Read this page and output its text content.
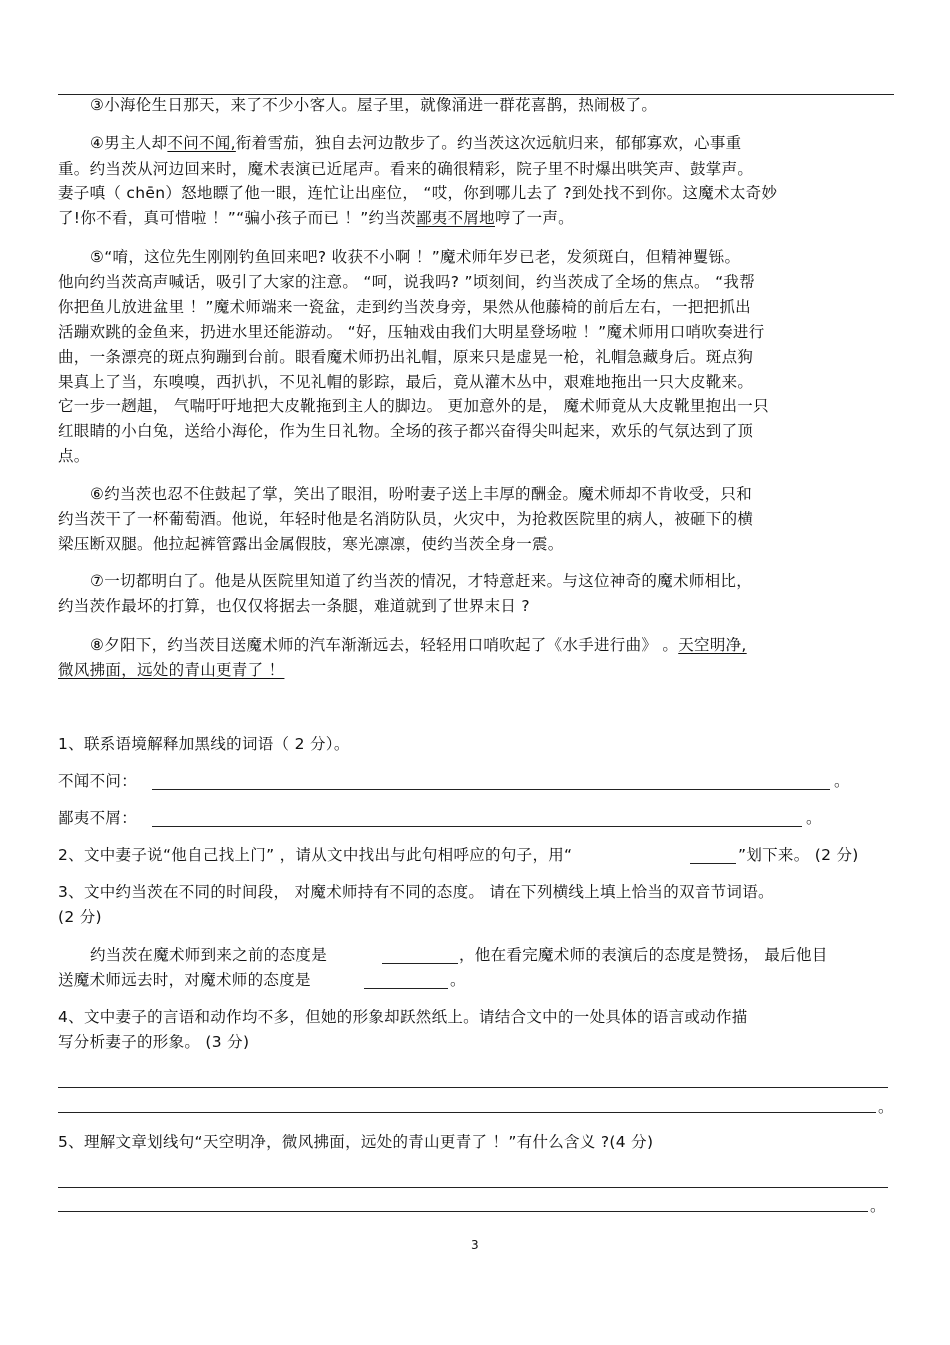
③小海伦生日那天，来了不少小客人。屋子里，就像涌进一群花喜鹊，热闹极了。
④男主人却不问不闻,衔着雪茄，独自去河边散步了。约当茨这次远航归来，郁郁寡欢，心事重
重。约当茨从河边回来时，魔术表演已近尾声。看来的确很精彩，院子里不时爆出哄笑声、鼓掌声。
妻子嗔（ chēn）怒地瞟了他一眼，连忙让出座位， “哎，你到哪儿去了 ?到处找不到你。这魔术太奇妙
了!你不看，真可惜啦 ！”“骗小孩子而已 ！”约当茨鄙夷不屑地哼了一声。
⑤“唷，这位先生刚刚钓鱼回来吧? 收获不小啊 ！”魔术师年岁已老，发须斑白，但精神矍铄。
他向约当茨高声喊话，吸引了大家的注意。 “呵，说我吗? ”顷刻间，约当茨成了全场的焦点。 “我帮
你把鱼儿放进盆里 ！”魔术师端来一瓷盆，走到约当茨身旁，果然从他藤椅的前后左右，一把把抓出
活蹦欢跳的金鱼来，扔进水里还能游动。 “好，压轴戏由我们大明星登场啦 ！”魔术师用口哨吹奏进行
曲，一条漂亮的斑点狗蹦到台前。眼看魔术师扔出礼帽，原来只是虚晃一枪，礼帽急藏身后。斑点狗
果真上了当，东嗅嗅，西扒扒，不见礼帽的影踪，最后，竟从灌木丛中，艰难地拖出一只大皮靴来。
它一步一趔趄， 气喘吁吁地把大皮靴拖到主人的脚边。 更加意外的是， 魔术师竟从大皮靴里抱出一只
红眼睛的小白兔，送给小海伦，作为生日礼物。全场的孩子都兴奋得尖叫起来，欢乐的气氛达到了顶
点。
⑥约当茨也忍不住鼓起了掌，笑出了眼泪，吩咐妻子送上丰厚的酬金。魔术师却不肯收受，只和
约当茨干了一杯葡萄酒。他说，年轻时他是名消防队员，火灾中，为抢救医院里的病人，被砸下的横
梁压断双腿。他拉起裤管露出金属假肢，寒光凛凛，使约当茨全身一震。
⑦一切都明白了。他是从医院里知道了约当茨的情况，才特意赶来。与这位神奇的魔术师相比，
约当茨作最坏的打算，也仅仅将据去一条腿，难道就到了世界末日 ?
⑧夕阳下，约当茨目送魔术师的汽车渐渐远去，轻轻用口哨吹起了《水手进行曲》 。天空明净,
微风拂面，远处的青山更青了 ！
1、联系语境解释加黑线的词语（ 2 分）。
不闻不问：	。
鄙夷不屑：	。
2、文中妻子说“他自己找上门” ，请从文中找出与此句相呼应的句子，用“	”划下来。 (2 分)
3、文中约当茨在不同的时间段， 对魔术师持有不同的态度。 请在下列横线上填上恰当的双音节词语。
(2 分)
约当茨在魔术师到来之前的态度是	，他在看完魔术师的表演后的态度是赞扬， 最后他目
送魔术师远去时，对魔术师的态度是	。
4、文中妻子的言语和动作均不多，但她的形象却跃然纸上。请结合文中的一处具体的语言或动作描
写分析妻子的形象。 (3 分)
。
5、理解文章划线句“天空明净，微风拂面，远处的青山更青了 ！”有什么含义 ?(4 分)
。
3
